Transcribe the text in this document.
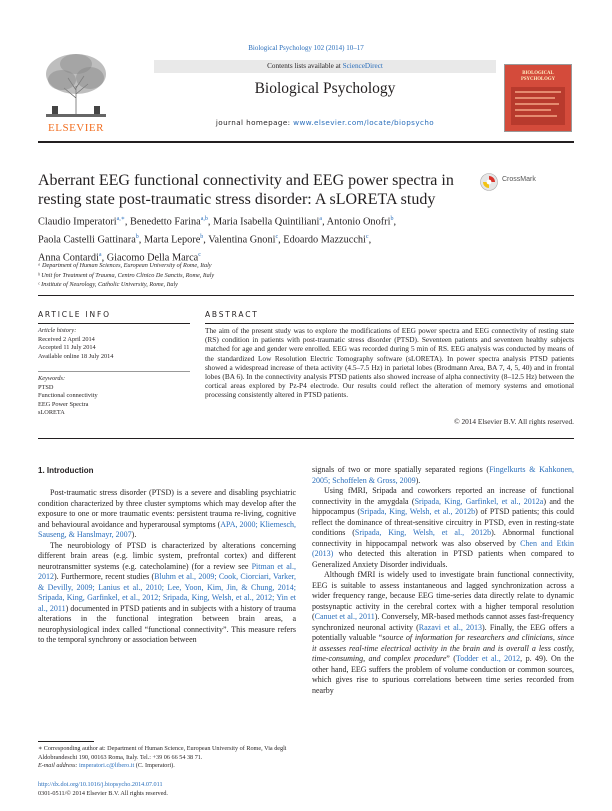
Biological Psychology 102 (2014) 10–17
ELSEVIER
Contents lists available at ScienceDirect
Biological Psychology
journal homepage: www.elsevier.com/locate/biopsycho
BIOLOGICAL PSYCHOLOGY
Aberrant EEG functional connectivity and EEG power spectra in
resting state post-traumatic stress disorder: A sLORETA study
CrossMark
Claudio Imperatori$^{a,∗}$, Benedetto Farina$^{a,b}$, Maria Isabella Quintiliani$^a$, Antonio Onofri$^b$,
Paola Castelli Gattinara$^b$, Marta Lepore$^b$, Valentina Gnoni$^c$, Edoardo Mazzucchi$^c$,
Anna Contardi$^a$, Giacomo Della Marca$^c$
ᵃ Department of Human Sciences, European University of Rome, Italy
ᵇ Unit for Treatment of Trauma, Centro Clinico De Sanctis, Rome, Italy
ᶜ Institute of Neurology, Catholic University, Rome, Italy
ARTICLE INFO	ABSTRACT
Article history:
Received 2 April 2014
Accepted 11 July 2014
Available online 18 July 2014
Keywords:
PTSD
Functional connectivity
EEG Power Spectra
sLORETA
The aim of the present study was to explore the modifications of EEG power spectra and EEG connectivity of resting state (RS) condition in patients with post-traumatic stress disorder (PTSD). Seventeen patients and seventeen healthy subjects matched for age and gender were enrolled. EEG was recorded during 5 min of RS. EEG analysis was conducted by means of the standardized Low Resolution Electric Tomography software (sLORETA). In power spectra analysis PTSD patients showed a widespread increase of theta activity (4.5–7.5 Hz) in parietal lobes (Brodmann Area, BA 7, 4, 5, 40) and in frontal lobes (BA 6). In the connectivity analysis PTSD patients also showed increase of alpha connectivity (8–12.5 Hz) between the cortical areas explored by Pz-P4 electrode. Our results could reflect the alteration of memory systems and emotional processing consistently altered in PTSD patients.
© 2014 Elsevier B.V. All rights reserved.
1. Introduction

Post-traumatic stress disorder (PTSD) is a severe and disabling psychiatric condition characterized by three cluster symptoms which may develop after the exposure to one or more traumatic events: persistent trauma re-living, cognitive and behavioural avoidance and hyperarousal symptoms (APA, 2000; Kliemesch, Sauseng, & Hanslmayr, 2007).

The neurobiology of PTSD is characterized by alterations concerning different brain areas (e.g. limbic system, prefrontal cortex) and different neurotransmitter systems (e.g. catecholamine) (for a review see Pitman et al., 2012). Furthermore, recent studies (Bluhm et al., 2009; Cook, Ciorciari, Varker, & Devilly, 2009; Lanius et al., 2010; Lee, Yoon, Kim, Jin, & Chung, 2014; Sripada, King, Garfinkel, et al., 2012; Sripada, King, Welsh, et al., 2012; Yin et al., 2011) documented in PTSD patients and in subjects with a history of trauma alterations in the functional integration between brain areas, a neurophysiological index called “functional connectivity”. This measure refers to the temporal synchrony or association between

signals of two or more spatially separated regions (Fingelkurts & Kahkonen, 2005; Schoffelen & Gross, 2009).

Using fMRI, Sripada and coworkers reported an increase of functional connectivity in the amygdala (Sripada, King, Garfinkel, et al., 2012a) and the hippocampus (Sripada, King, Welsh, et al., 2012b) of PTSD patients; this could reflect the dominance of threat-sensitive circuitry in PTSD, even in resting-state conditions (Sripada, King, Welsh, et al., 2012b). Abnormal functional connectivity in hippocampal network was also observed by Chen and Etkin (2013) who detected this alteration in PTSD patients when compared to Generalized Anxiety Disorder individuals.

Although fMRI is widely used to investigate brain functional connectivity, EEG is suitable to assess instantaneous and lagged synchronization across a wider frequency range, because EEG time-series data directly relate to dynamic postsynaptic activity in the cerebral cortex with a higher temporal resolution (Canuet et al., 2011). Conversely, MR-based methods cannot asses fast-frequency synchronized neuronal activity (Razavi et al., 2013). Finally, the EEG offers a potentially valuable “source of information for researchers and clinicians, since it assesses real-time electrical activity in the brain and is overall a less costly, time-consuming, and complex procedure” (Todder et al., 2012, p. 49). On the other hand, EEG suffers the problem of volume conduction or common sources, which gives rise to spurious correlations between time series recorded from nearby

∗ Corresponding author at: Department of Human Science, European University of Rome, Via degli Aldobrandeschi 190, 00163 Roma, Italy. Tel.: +39 06 66 54 38 71.
E-mail address: imperatori.c@libero.it (C. Imperatori).
http://dx.doi.org/10.1016/j.biopsycho.2014.07.011
0301-0511/© 2014 Elsevier B.V. All rights reserved.
